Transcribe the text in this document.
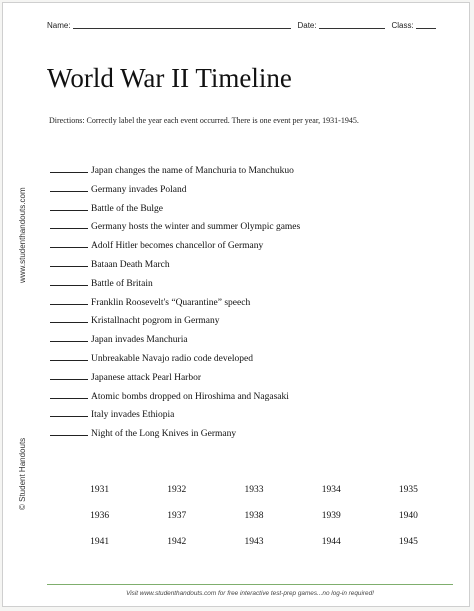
Name:	Date:	Class:
World War II Timeline
Directions: Correctly label the year each event occurred. There is one event per year, 1931-1945.
www.studenthandouts.com
© Student Handouts
Japan changes the name of Manchuria to Manchukuo
Germany invades Poland
Battle of the Bulge
Germany hosts the winter and summer Olympic games
Adolf Hitler becomes chancellor of Germany
Bataan Death March
Battle of Britain
Franklin Roosevelt's “Quarantine” speech
Kristallnacht pogrom in Germany
Japan invades Manchuria
Unbreakable Navajo radio code developed
Japanese attack Pearl Harbor
Atomic bombs dropped on Hiroshima and Nagasaki
Italy invades Ethiopia
Night of the Long Knives in Germany
1931	1932	1933	1934	1935
1936	1937	1938	1939	1940
1941	1942	1943	1944	1945
Visit www.studenthandouts.com for free interactive test-prep games...no log-in required!
